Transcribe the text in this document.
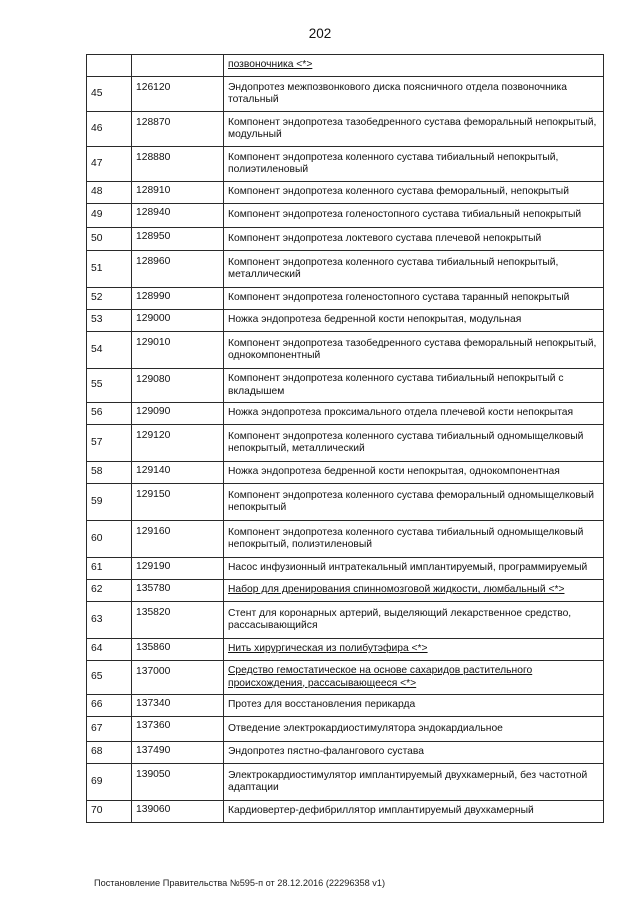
202
		позвоночника <*>
45	126120	Эндопротез межпозвонкового диска поясничного отдела позвоночника тотальный
46	128870	Компонент эндопротеза тазобедренного сустава феморальный непокрытый, модульный
47	128880	Компонент эндопротеза коленного сустава тибиальный непокрытый, полиэтиленовый
48	128910	Компонент эндопротеза коленного сустава феморальный, непокрытый
49	128940	Компонент эндопротеза голеностопного сустава тибиальный непокрытый
50	128950	Компонент эндопротеза локтевого сустава плечевой непокрытый
51	128960	Компонент эндопротеза коленного сустава тибиальный непокрытый, металлический
52	128990	Компонент эндопротеза голеностопного сустава таранный непокрытый
53	129000	Ножка эндопротеза бедренной кости непокрытая, модульная
54	129010	Компонент эндопротеза тазобедренного сустава феморальный непокрытый, однокомпонентный
55	129080	Компонент эндопротеза коленного сустава тибиальный непокрытый с вкладышем
56	129090	Ножка эндопротеза проксимального отдела плечевой кости непокрытая
57	129120	Компонент эндопротеза коленного сустава тибиальный одномыщелковый непокрытый, металлический
58	129140	Ножка эндопротеза бедренной кости непокрытая, однокомпонентная
59	129150	Компонент эндопротеза коленного сустава феморальный одномыщелковый непокрытый
60	129160	Компонент эндопротеза коленного сустава тибиальный одномыщелковый непокрытый, полиэтиленовый
61	129190	Насос инфузионный интратекальный имплантируемый, программируемый
62	135780	Набор для дренирования спинномозговой жидкости, люмбальный <*>
63	135820	Стент для коронарных артерий, выделяющий лекарственное средство, рассасывающийся
64	135860	Нить хирургическая из полибутэфира <*>
65	137000	Средство гемостатическое на основе сахаридов растительного происхождения, рассасывающееся <*>
66	137340	Протез для восстановления перикарда
67	137360	Отведение электрокардиостимулятора эндокардиальное
68	137490	Эндопротез пястно-фалангового сустава
69	139050	Электрокардиостимулятор имплантируемый двухкамерный, без частотной адаптации
70	139060	Кардиовертер-дефибриллятор имплантируемый двухкамерный
Постановление Правительства №595-п от 28.12.2016 (22296358 v1)
